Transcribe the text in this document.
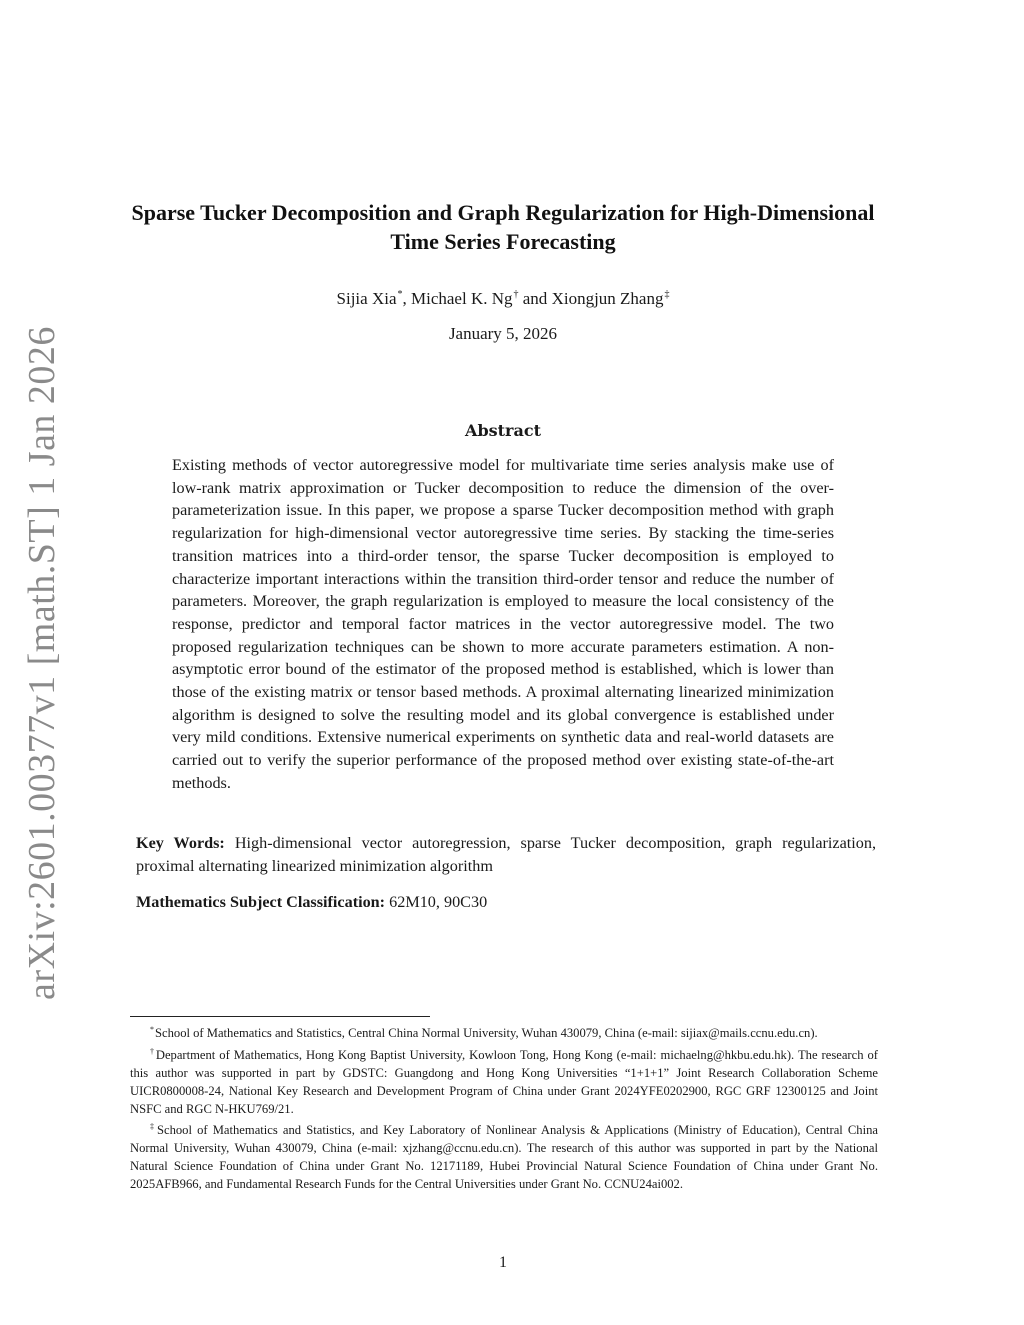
arXiv:2601.00377v1 [math.ST] 1 Jan 2026
Sparse Tucker Decomposition and Graph Regularization for High-Dimensional Time Series Forecasting
Sijia Xia*, Michael K. Ng† and Xiongjun Zhang‡
January 5, 2026
Abstract
Existing methods of vector autoregressive model for multivariate time series analysis make use of low-rank matrix approximation or Tucker decomposition to reduce the dimension of the over-parameterization issue. In this paper, we propose a sparse Tucker decomposition method with graph regularization for high-dimensional vector autoregressive time series. By stacking the time-series transition matrices into a third-order tensor, the sparse Tucker decomposition is employed to characterize important interactions within the transition third-order tensor and reduce the number of parameters. Moreover, the graph regularization is employed to measure the local consistency of the response, predictor and temporal factor matrices in the vector autoregressive model. The two proposed regularization techniques can be shown to more accurate parameters estimation. A non-asymptotic error bound of the estimator of the proposed method is established, which is lower than those of the existing matrix or tensor based methods. A proximal alternating linearized minimization algorithm is designed to solve the resulting model and its global convergence is established under very mild conditions. Extensive numerical experiments on synthetic data and real-world datasets are carried out to verify the superior performance of the proposed method over existing state-of-the-art methods.
Key Words: High-dimensional vector autoregression, sparse Tucker decomposition, graph regularization, proximal alternating linearized minimization algorithm
Mathematics Subject Classification: 62M10, 90C30

*School of Mathematics and Statistics, Central China Normal University, Wuhan 430079, China (e-mail: sijiax@mails.ccnu.edu.cn).

†Department of Mathematics, Hong Kong Baptist University, Kowloon Tong, Hong Kong (e-mail: michaelng@hkbu.edu.hk). The research of this author was supported in part by GDSTC: Guangdong and Hong Kong Universities “1+1+1” Joint Research Collaboration Scheme UICR0800008-24, National Key Research and Development Program of China under Grant 2024YFE0202900, RGC GRF 12300125 and Joint NSFC and RGC N-HKU769/21.

‡School of Mathematics and Statistics, and Key Laboratory of Nonlinear Analysis & Applications (Ministry of Education), Central China Normal University, Wuhan 430079, China (e-mail: xjzhang@ccnu.edu.cn). The research of this author was supported in part by the National Natural Science Foundation of China under Grant No. 12171189, Hubei Provincial Natural Science Foundation of China under Grant No. 2025AFB966, and Fundamental Research Funds for the Central Universities under Grant No. CCNU24ai002.

1
